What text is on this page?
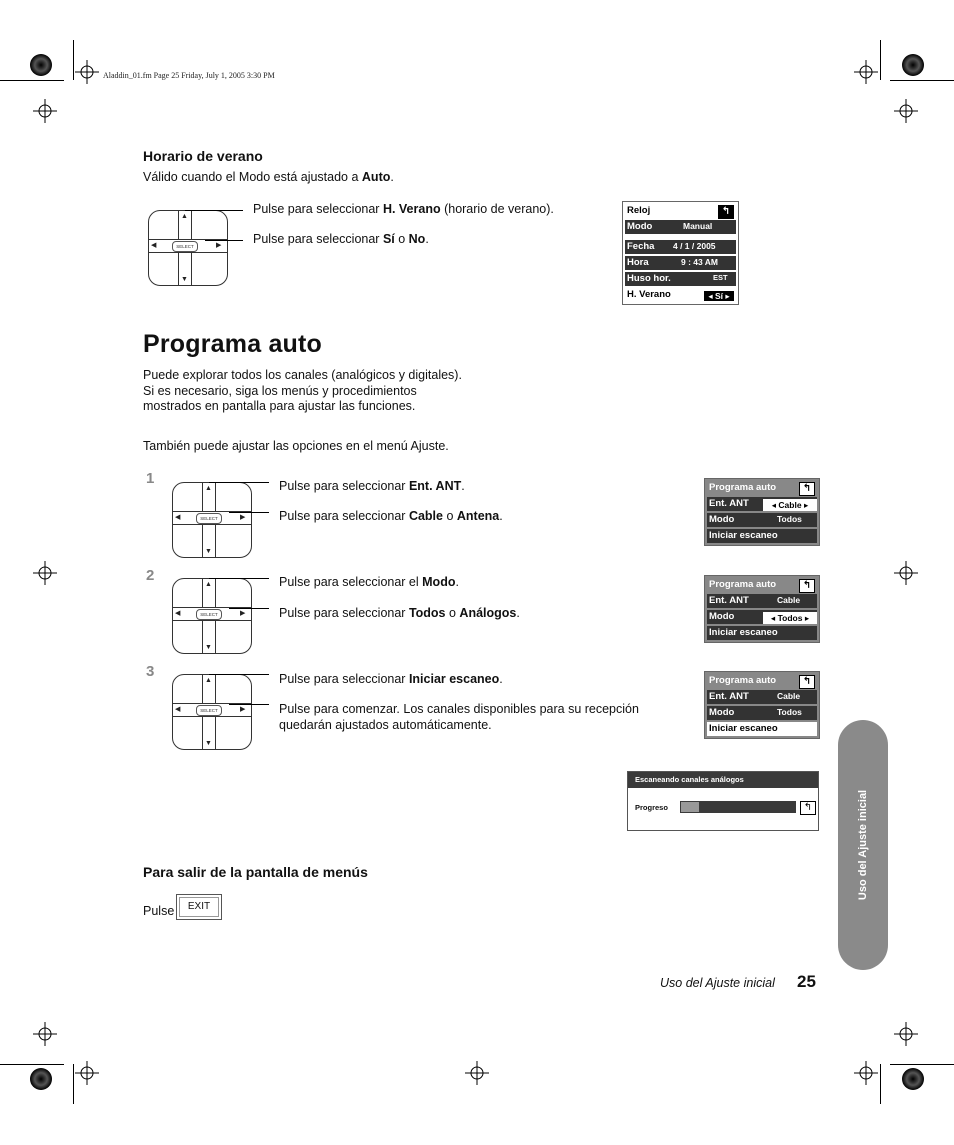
Aladdin_01.fm Page 25 Friday, July 1, 2005 3:30 PM
Horario de verano

Válido cuando el Modo está ajustado a Auto.

SELECT
▲
▼
◀	▶
Pulse para seleccionar H. Verano (horario de verano).
Pulse para seleccionar Sí o No.
Reloj	↰
Modo	Manual
Fecha 4 / 1 / 2005
Hora	9 : 43 AM
Huso hor.	EST
H. Verano	◂ Sí ▸
Programa auto

Puede explorar todos los canales (analógicos y digitales). Si es necesario, siga los menús y procedimientos mostrados en pantalla para ajustar las funciones.

También puede ajustar las opciones en el menú Ajuste.

1
SELECT
▲
▼
◀	▶
Pulse para seleccionar Ent. ANT.
Pulse para seleccionar Cable o Antena.
Programa auto	↰
Ent. ANT	◂ Cable ▸
Modo	Todos
Iniciar escaneo
2
SELECT
▲
▼
◀	▶
Pulse para seleccionar el Modo.
Pulse para seleccionar Todos o Análogos.
Programa auto	↰
Ent. ANT	Cable
Modo	◂ Todos ▸
Iniciar escaneo
3
SELECT
▲
▼
◀	▶
Pulse para seleccionar Iniciar escaneo.

Pulse para comenzar. Los canales disponibles para su recepción quedarán ajustados automáticamente.

Programa auto	↰
Ent. ANT	Cable
Modo	Todos
Iniciar escaneo
Escaneando canales análogos
Progreso	↰
Para salir de la pantalla de menús
Pulse	EXIT
Uso del Ajuste inicial
Uso del Ajuste inicial 25
